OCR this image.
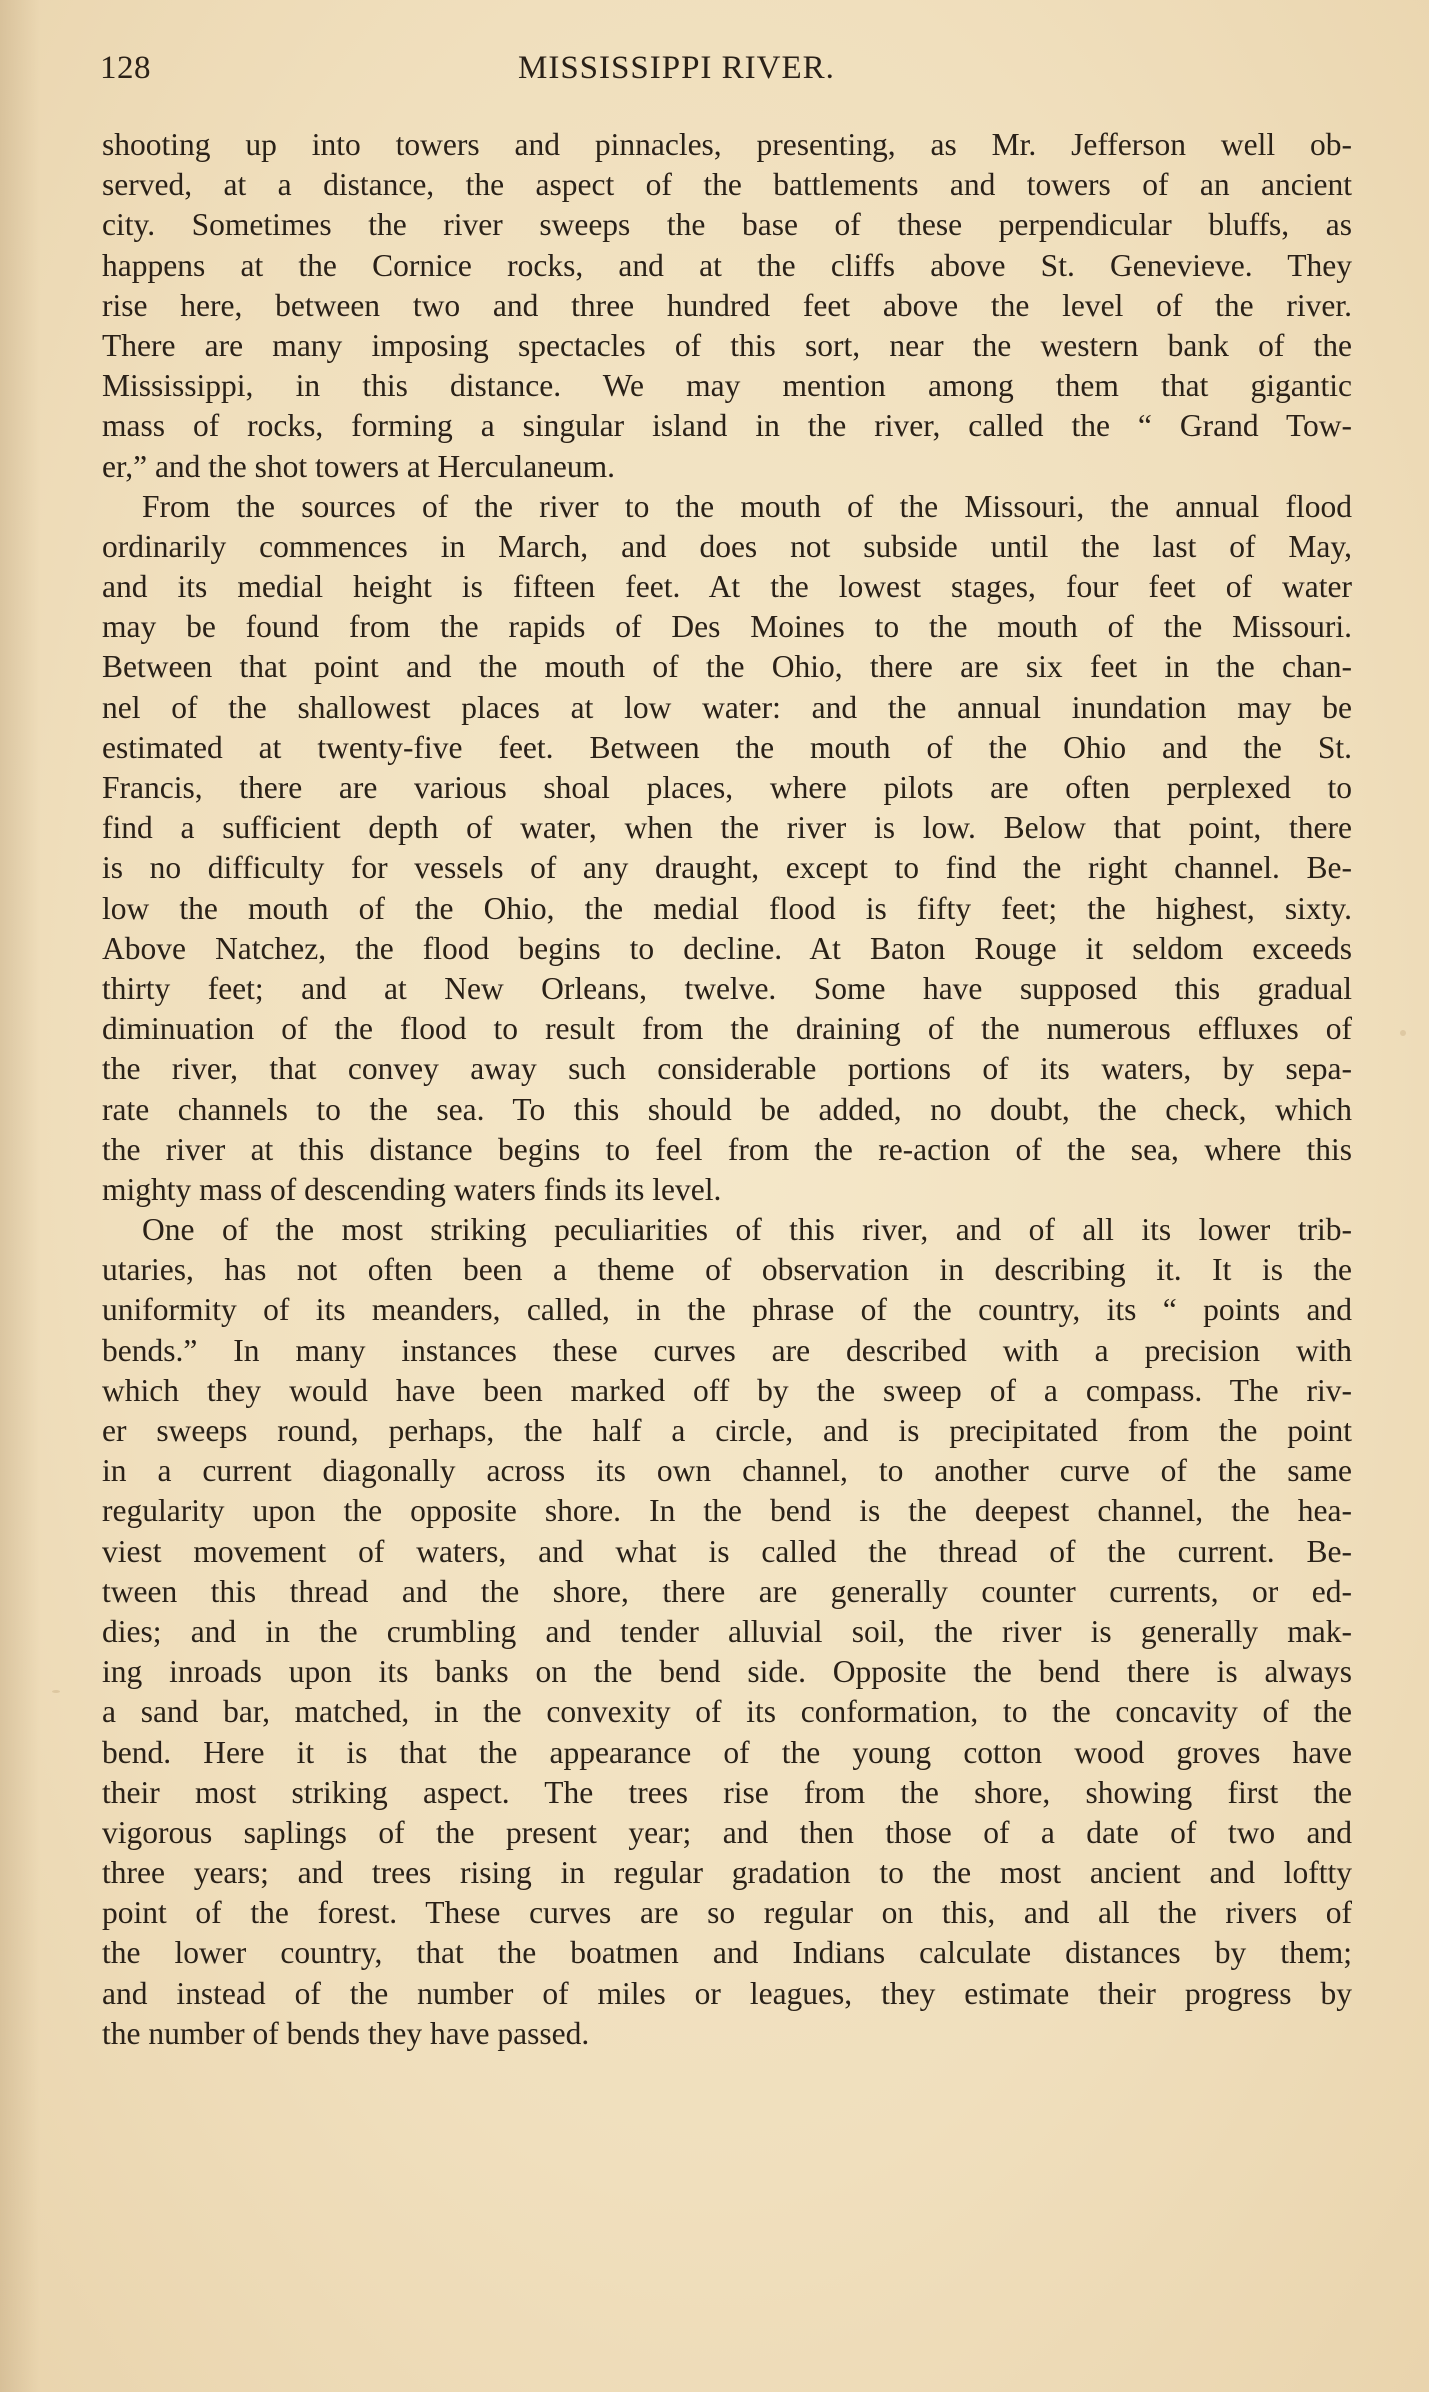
128	MISSISSIPPI RIVER.
shooting up into towers and pinnacles, presenting, as Mr. Jefferson well ob-
served, at a distance, the aspect of the battlements and towers of an ancient
city. Sometimes the river sweeps the base of these perpendicular bluffs, as
happens at the Cornice rocks, and at the cliffs above St. Genevieve. They
rise here, between two and three hundred feet above the level of the river.
There are many imposing spectacles of this sort, near the western bank of the
Mississippi, in this distance. We may mention among them that gigantic
mass of rocks, forming a singular island in the river, called the “ Grand Tow-
er,” and the shot towers at Herculaneum.
From the sources of the river to the mouth of the Missouri, the annual flood
ordinarily commences in March, and does not subside until the last of May,
and its medial height is fifteen feet. At the lowest stages, four feet of water
may be found from the rapids of Des Moines to the mouth of the Missouri.
Between that point and the mouth of the Ohio, there are six feet in the chan-
nel of the shallowest places at low water: and the annual inundation may be
estimated at twenty-five feet. Between the mouth of the Ohio and the St.
Francis, there are various shoal places, where pilots are often perplexed to
find a sufficient depth of water, when the river is low. Below that point, there
is no difficulty for vessels of any draught, except to find the right channel. Be-
low the mouth of the Ohio, the medial flood is fifty feet; the highest, sixty.
Above Natchez, the flood begins to decline. At Baton Rouge it seldom exceeds
thirty feet; and at New Orleans, twelve. Some have supposed this gradual
diminuation of the flood to result from the draining of the numerous effluxes of
the river, that convey away such considerable portions of its waters, by sepa-
rate channels to the sea. To this should be added, no doubt, the check, which
the river at this distance begins to feel from the re-action of the sea, where this
mighty mass of descending waters finds its level.
One of the most striking peculiarities of this river, and of all its lower trib-
utaries, has not often been a theme of observation in describing it. It is the
uniformity of its meanders, called, in the phrase of the country, its “ points and
bends.” In many instances these curves are described with a precision with
which they would have been marked off by the sweep of a compass. The riv-
er sweeps round, perhaps, the half a circle, and is precipitated from the point
in a current diagonally across its own channel, to another curve of the same
regularity upon the opposite shore. In the bend is the deepest channel, the hea-
viest movement of waters, and what is called the thread of the current. Be-
tween this thread and the shore, there are generally counter currents, or ed-
dies; and in the crumbling and tender alluvial soil, the river is generally mak-
ing inroads upon its banks on the bend side. Opposite the bend there is always
a sand bar, matched, in the convexity of its conformation, to the concavity of the
bend. Here it is that the appearance of the young cotton wood groves have
their most striking aspect. The trees rise from the shore, showing first the
vigorous saplings of the present year; and then those of a date of two and
three years; and trees rising in regular gradation to the most ancient and loftty
point of the forest. These curves are so regular on this, and all the rivers of
the lower country, that the boatmen and Indians calculate distances by them;
and instead of the number of miles or leagues, they estimate their progress by
the number of bends they have passed.
